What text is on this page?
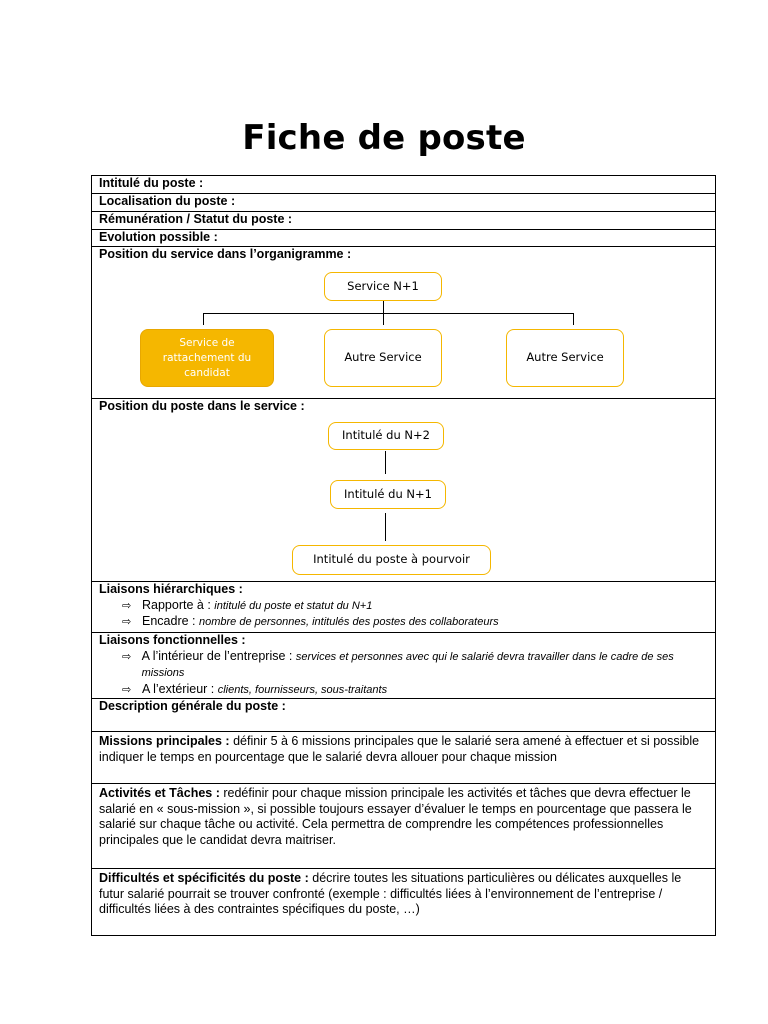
Fiche de poste
Intitulé du poste :
Localisation du poste :
Rémunération / Statut du poste :
Evolution possible :
Position du service dans l’organigramme :
Service N+1
Service de
rattachement du
candidat
Autre Service	Autre Service
Position du poste dans le service :
Intitulé du N+2
Intitulé du N+1
Intitulé du poste à pourvoir
Liaisons hiérarchiques :
⇨ Rapporte à : intitulé du poste et statut du N+1
⇨ Encadre : nombre de personnes, intitulés des postes des collaborateurs
Liaisons fonctionnelles :
⇨ A l’intérieur de l’entreprise : services et personnes avec qui le salarié devra travailler dans le cadre de ses missions
⇨ A l’extérieur : clients, fournisseurs, sous-traitants
Description générale du poste :
Missions principales : définir 5 à 6 missions principales que le salarié sera amené à effectuer et si possible indiquer le temps en pourcentage que le salarié devra allouer pour chaque mission
Activités et Tâches : redéfinir pour chaque mission principale les activités et tâches que devra effectuer le salarié en « sous-mission », si possible toujours essayer d’évaluer le temps en pourcentage que passera le salarié sur chaque tâche ou activité. Cela permettra de comprendre les compétences professionnelles principales que le candidat devra maitriser.
Difficultés et spécificités du poste : décrire toutes les situations particulières ou délicates auxquelles le futur salarié pourrait se trouver confronté (exemple : difficultés liées à l’environnement de l’entreprise / difficultés liées à des contraintes spécifiques du poste, …)
